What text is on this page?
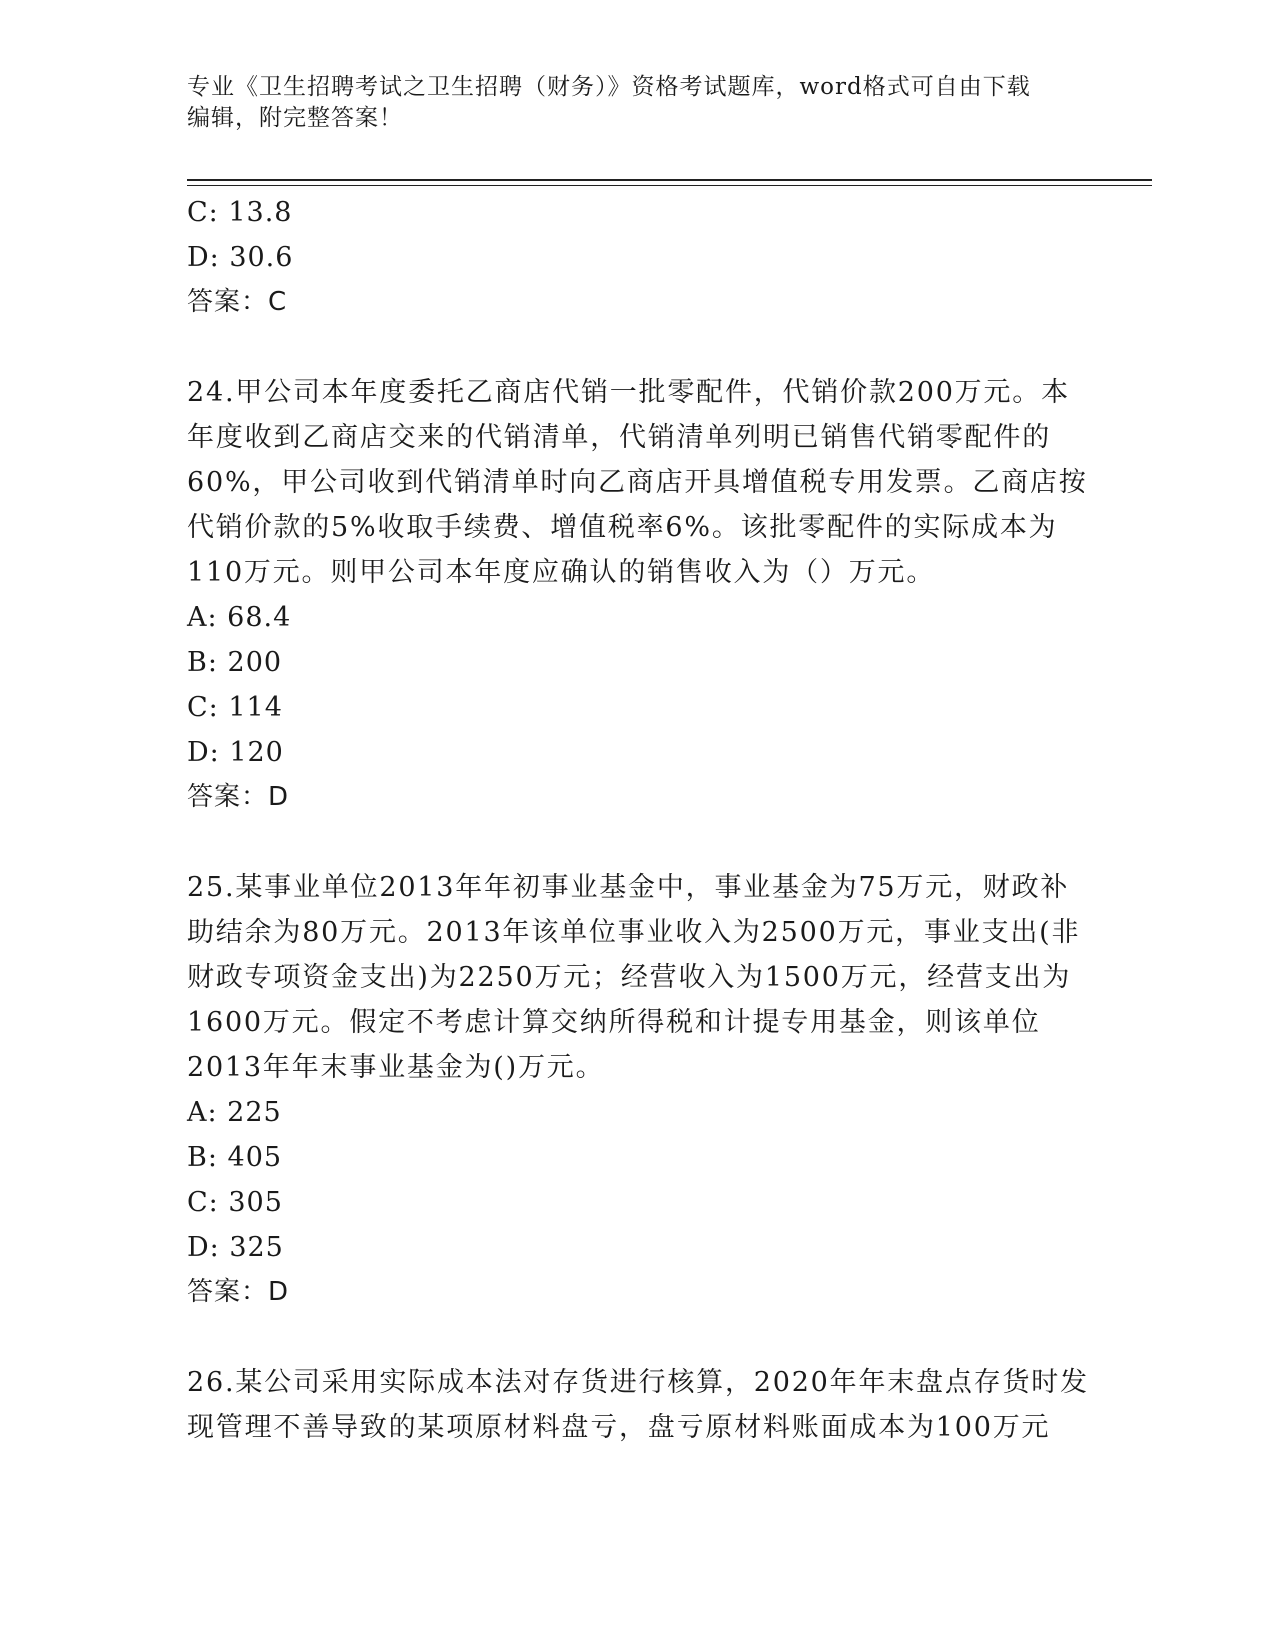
专业《卫生招聘考试之卫生招聘（财务）》资格考试题库，word格式可自由下载
编辑，附完整答案！
C: 13.8
D: 30.6
答案：C
24.甲公司本年度委托乙商店代销一批零配件，代销价款200万元。本
年度收到乙商店交来的代销清单，代销清单列明已销售代销零配件的
60%，甲公司收到代销清单时向乙商店开具增值税专用发票。乙商店按
代销价款的5%收取手续费、增值税率6%。该批零配件的实际成本为
110万元。则甲公司本年度应确认的销售收入为（）万元。
A: 68.4
B: 200
C: 114
D: 120
答案：D
25.某事业单位2013年年初事业基金中，事业基金为75万元，财政补
助结余为80万元。2013年该单位事业收入为2500万元，事业支出(非
财政专项资金支出)为2250万元；经营收入为1500万元，经营支出为
1600万元。假定不考虑计算交纳所得税和计提专用基金，则该单位
2013年年末事业基金为()万元。
A: 225
B: 405
C: 305
D: 325
答案：D
26.某公司采用实际成本法对存货进行核算，2020年年末盘点存货时发
现管理不善导致的某项原材料盘亏，盘亏原材料账面成本为100万元
